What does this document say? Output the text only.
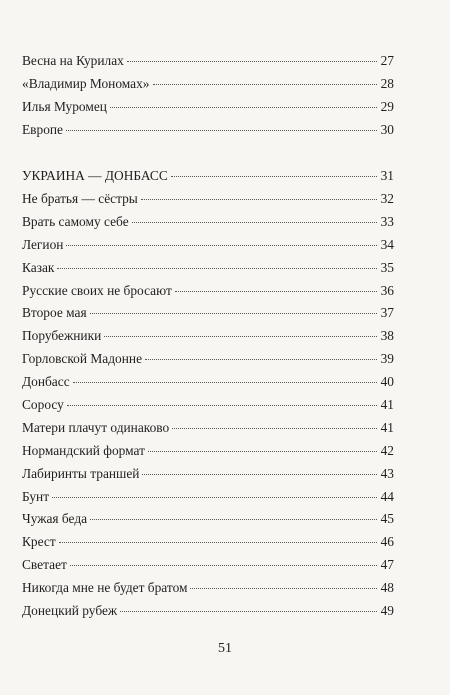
Весна на Курилах	27
«Владимир Мономах»	28
Илья Муромец	29
Европе	30
УКРАИНА — ДОНБАСС	31
Не братья — сёстры	32
Врать самому себе	33
Легион	34
Казак	35
Русские своих не бросают	36
Второе мая	37
Порубежники	38
Горловской Мадонне	39
Донбасс	40
Соросу	41
Матери плачут одинаково	41
Нормандский формат	42
Лабиринты траншей	43
Бунт	44
Чужая беда	45
Крест	46
Светает	47
Никогда мне не будет братом	48
Донецкий рубеж	49
51
